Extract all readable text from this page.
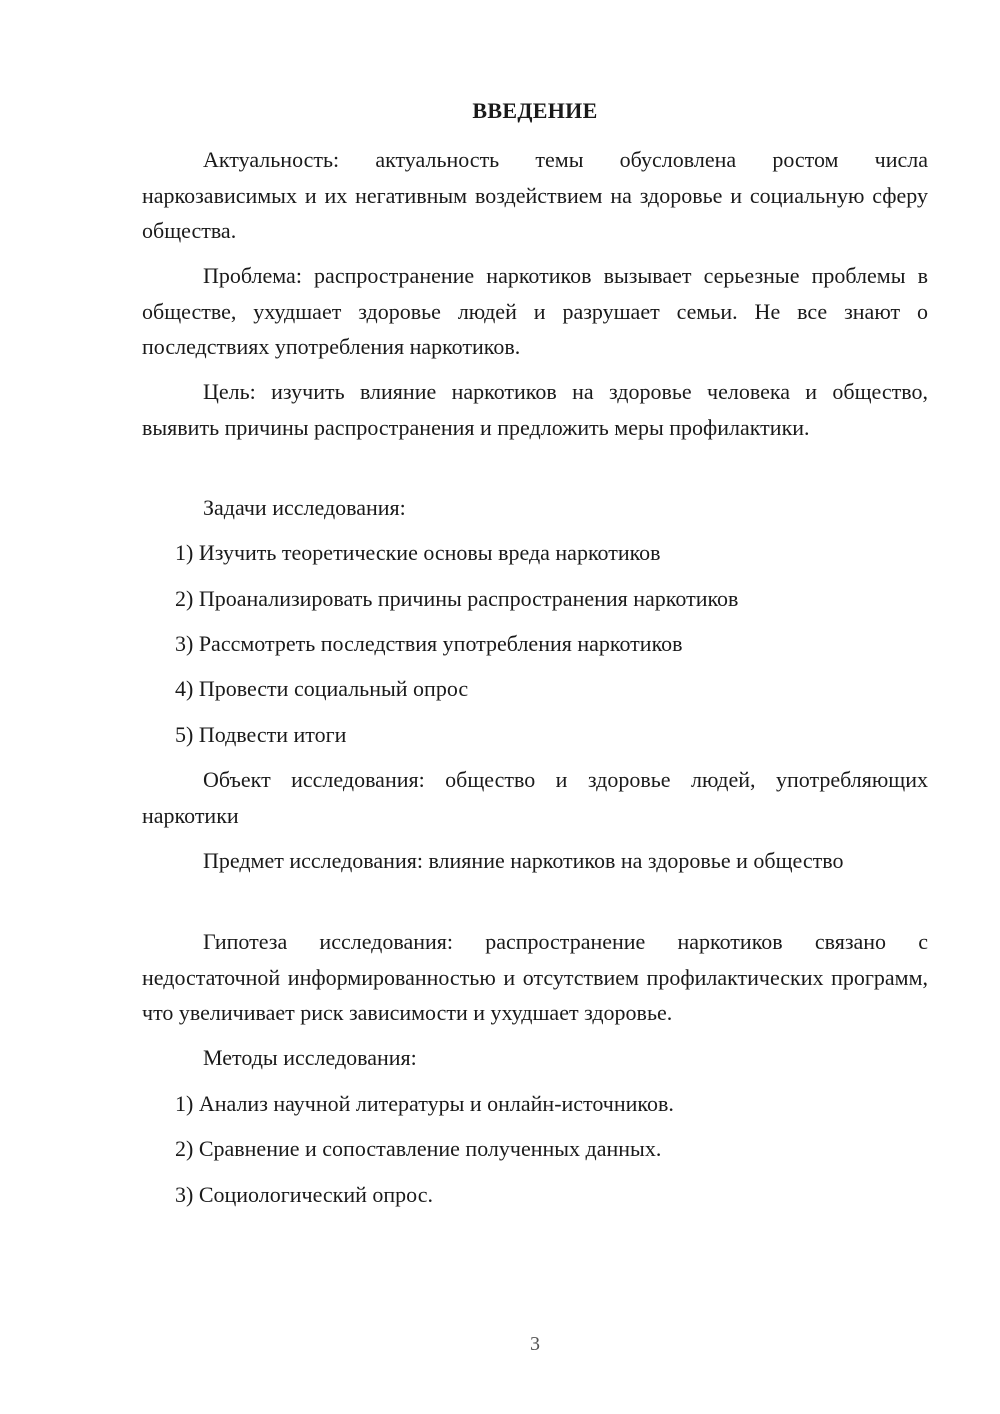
ВВЕДЕНИЕ

Актуальность: актуальность темы обусловлена ростом числа наркозависимых и их негативным воздействием на здоровье и социальную сферу общества.

Проблема: распространение наркотиков вызывает серьезные проблемы в обществе, ухудшает здоровье людей и разрушает семьи. Не все знают о последствиях употребления наркотиков.

Цель: изучить влияние наркотиков на здоровье человека и общество, выявить причины распространения и предложить меры профилактики.

Задачи исследования:

1) Изучить теоретические основы вреда наркотиков

2) Проанализировать причины распространения наркотиков

3) Рассмотреть последствия употребления наркотиков

4) Провести социальный опрос

5) Подвести итоги

Объект исследования: общество и здоровье людей, употребляющих наркотики

Предмет исследования: влияние наркотиков на здоровье и общество

Гипотеза исследования: распространение наркотиков связано с недостаточной информированностью и отсутствием профилактических программ, что увеличивает риск зависимости и ухудшает здоровье.

Методы исследования:

1) Анализ научной литературы и онлайн-источников.

2) Сравнение и сопоставление полученных данных.

3) Социологический опрос.

3
